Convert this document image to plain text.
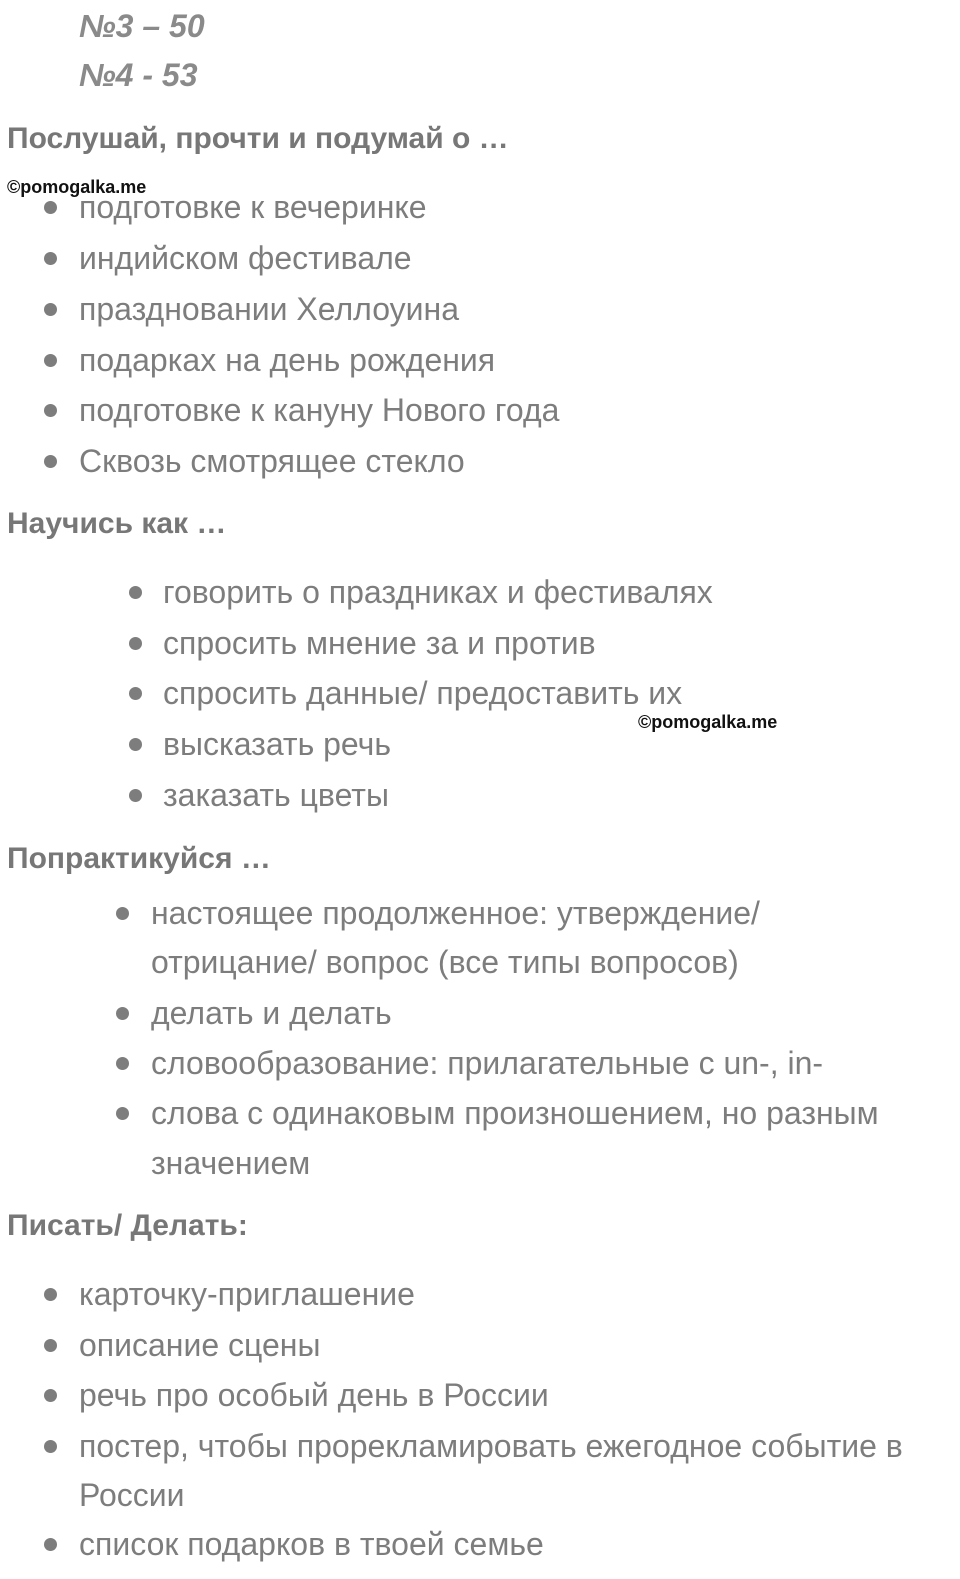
№3 – 50
№4 - 53
Послушай, прочти и подумай о …
©pomogalka.me
подготовке к вечеринке
индийском фестивале
праздновании Хеллоуина
подарках на день рождения
подготовке к кануну Нового года
Сквозь смотрящее стекло
Научись как …
говорить о праздниках и фестивалях
спросить мнение за и против
спросить данные/ предоставить их
©pomogalka.me
высказать речь
заказать цветы
Попрактикуйся …
настоящее продолженное: утверждение/
отрицание/ вопрос (все типы вопросов)
делать и делать
словообразование: прилагательные с un-, in-
слова с одинаковым произношением, но разным
значением
Писать/ Делать:
карточку-приглашение
описание сцены
речь про особый день в России
постер, чтобы прорекламировать ежегодное событие в
России
список подарков в твоей семье
